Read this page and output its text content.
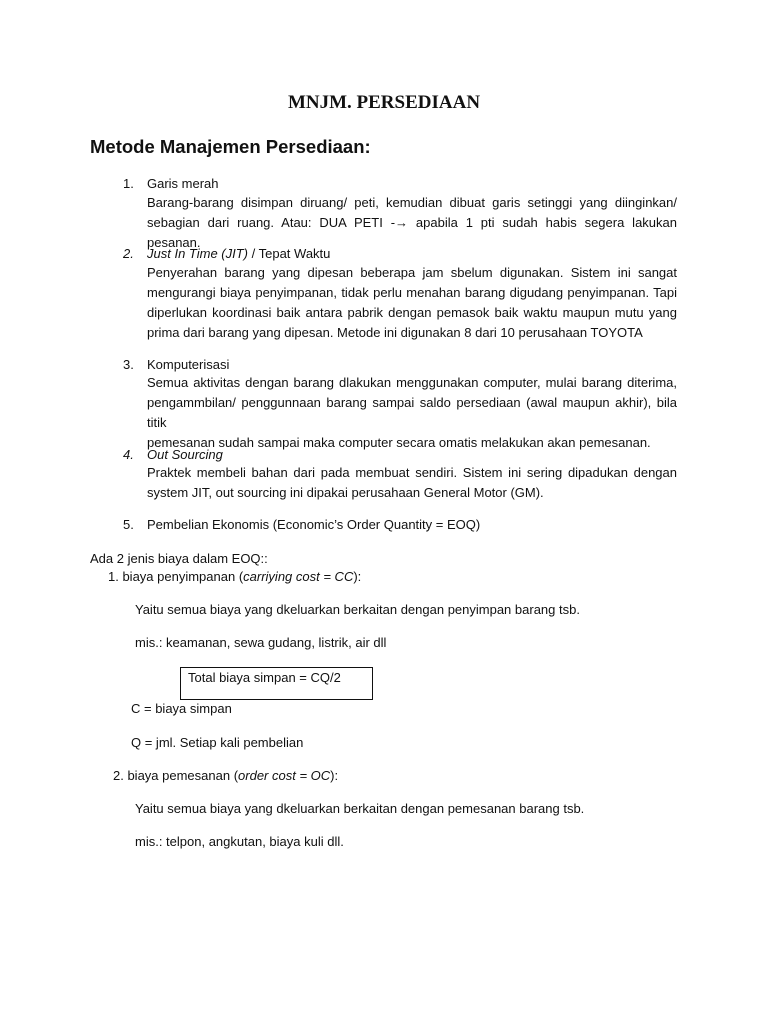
MNJM. PERSEDIAAN
Metode Manajemen Persediaan:
1.	Garis merah
Barang-barang disimpan diruang/ peti, kemudian dibuat garis setinggi yang diinginkan/
sebagian dari ruang. Atau: DUA PETI -→ apabila 1 pti sudah habis segera lakukan pesanan.
2.	Just In Time (JIT) / Tepat Waktu
Penyerahan barang yang dipesan beberapa jam sbelum digunakan. Sistem ini sangat
mengurangi biaya penyimpanan, tidak perlu menahan barang digudang penyimpanan. Tapi
diperlukan koordinasi baik antara pabrik dengan pemasok baik waktu maupun mutu yang
prima dari barang yang dipesan. Metode ini digunakan 8 dari 10 perusahaan TOYOTA
3.	Komputerisasi
Semua aktivitas dengan barang dlakukan menggunakan computer, mulai barang diterima,
pengammbilan/ penggunnaan barang sampai saldo persediaan (awal maupun akhir), bila titik
pemesanan sudah sampai maka computer secara omatis melakukan akan pemesanan.
4.	Out Sourcing
Praktek membeli bahan dari pada membuat sendiri. Sistem ini sering dipadukan dengan
system JIT, out sourcing ini dipakai perusahaan General Motor (GM).
5.	Pembelian Ekonomis (Economic’s Order Quantity = EOQ)
Ada 2 jenis biaya dalam EOQ::
1. biaya penyimpanan (carriying cost = CC):
Yaitu semua biaya yang dkeluarkan berkaitan dengan penyimpan barang tsb.
mis.: keamanan, sewa gudang, listrik, air dll
Total biaya simpan = CQ/2
C = biaya simpan
Q = jml. Setiap kali pembelian
2. biaya pemesanan (order cost = OC):
Yaitu semua biaya yang dkeluarkan berkaitan dengan pemesanan barang tsb.
mis.: telpon, angkutan, biaya kuli dll.
